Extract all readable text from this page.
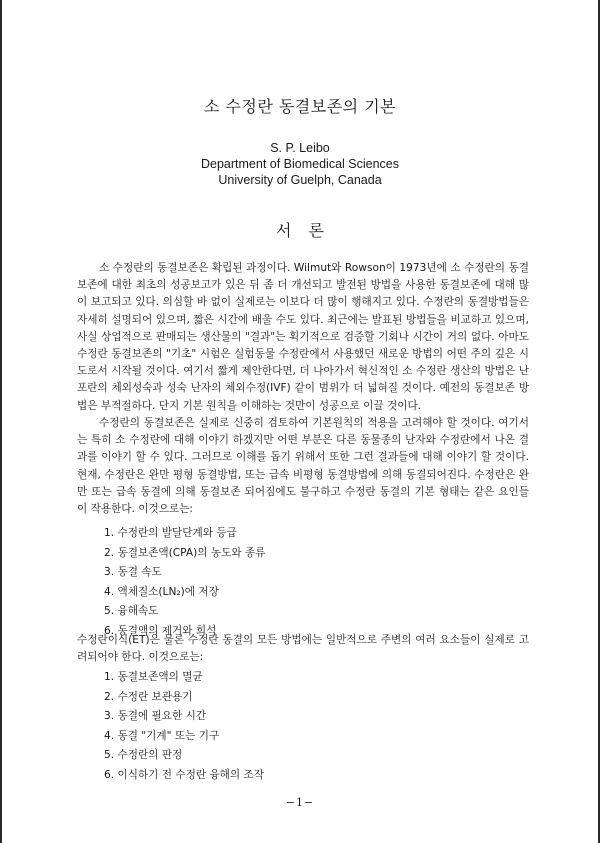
소 수정란 동결보존의 기본
S. P. Leibo
Department of Biomedical Sciences
University of Guelph, Canada
서 론

소 수정란의 동결보존은 확립된 과정이다. Wilmut와 Rowson이 1973년에 소 수정란의 동결보존에 대한 최초의 성공보고가 있은 뒤 좀 더 개선되고 발전된 방법을 사용한 동결보존에 대해 많이 보고되고 있다. 의심할 바 없이 실제로는 이보다 더 많이 행해지고 있다. 수정란의 동결방법들은 자세히 설명되어 있으며, 짧은 시간에 배울 수도 있다. 최근에는 발표된 방법들을 비교하고 있으며, 사실 상업적으로 판매되는 생산물의 "결과"는 획기적으로 검증할 기회나 시간이 거의 없다. 아마도 수정란 동결보존의 "기초" 시험은 실험동물 수정란에서 사용했던 새로운 방법의 어떤 주의 깊은 시도로서 시작될 것이다. 여기서 짧게 제안한다면, 더 나아가서 혁신적인 소 수정란 생산의 방법은 난포란의 체외성숙과 성숙 난자의 체외수정(IVF) 같이 범위가 더 넓혀질 것이다. 예전의 동결보존 방법은 부적절하다. 단지 기본 원칙을 이해하는 것만이 성공으로 이끌 것이다.

수정란의 동결보존은 실제로 신중히 검토하여 기본원칙의 적용을 고려해야 할 것이다. 여기서는 특히 소 수정란에 대해 이야기 하겠지만 어떤 부분은 다른 동물종의 난자와 수정란에서 나온 결과를 이야기 할 수 있다. 그러므로 이해를 돕기 위해서 또한 그런 결과들에 대해 이야기 할 것이다. 현재, 수정란은 완만 평형 동결방법, 또는 급속 비평형 동결방법에 의해 동결되어진다. 수정란은 완만 또는 급속 동결에 의해 동결보존 되어짐에도 불구하고 수정란 동결의 기본 형태는 같은 요인들이 작용한다. 이것으로는:

1. 수정란의 발달단계와 등급
2. 동결보존액(CPA)의 농도와 종류
3. 동결 속도
4. 액체질소(LN₂)에 저장
5. 융해속도
6. 동결액의 제거와 희석

수정란이식(ET)은 물론 수정란 동결의 모든 방법에는 일반적으로 주변의 여러 요소들이 실제로 고려되어야 한다. 이것으로는:

1. 동결보존액의 멸균
2. 수정란 보관용기
3. 동결에 필요한 시간
4. 동결 "기계" 또는 기구
5. 수정란의 판정
6. 이식하기 전 수정란 융해의 조작
−1−
